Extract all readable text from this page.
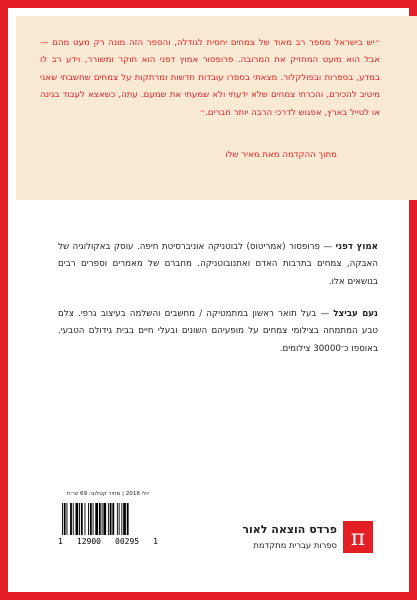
״יש בישראל מספר רב מאוד של צמחים יחסית לגודלה, והספר הזה מונה רק מעט מהם — אבל הוא מועט המחזיק את המרובה. פרופסור אמוץ דפני הוא חוקר ומשורר, וידע רב לו במדע, בספרות ובפולקלור. מצאתי בספרו עובדות חדשות ומרתקות על צמחים שחשבתי שאני מיטיב להכירם, והכרתי צמחים שלא ידעתי ולא שמעתי את שמעם. עתה, כשאצא לעבוד בגינה או לטייל בארץ, אפגוש לדרכי הרבה יותר חברים.״
מתוך ההקדמה מאת מאיר שלו
אמוץ דפני — פרופסור (אמריטוס) לבוטניקה אוניברסיטת חיפה. עוסק באקולוגיה של האבקה, צמחים בתרבות האדם ואתנובוטניקה. מחברם של מאמרים וספרים רבים בנושאים אלו.
נעם עביצל — בעל תואר ראשון במתמטיקה / מחשבים והשלמה בעיצוב גרפי. צלם טבע המתמחה בצילומי צמחים על מופעיהם השונים ובעלי חיים בבית גידולם הטבעי. באוספו כ־30000 צילומים.
יולי 2018 | מחיר קטלוגי: 69 ש״ח
1 12900 00295 1
פרדס הוצאה לאור
ספרות עברית מתקדמת π
